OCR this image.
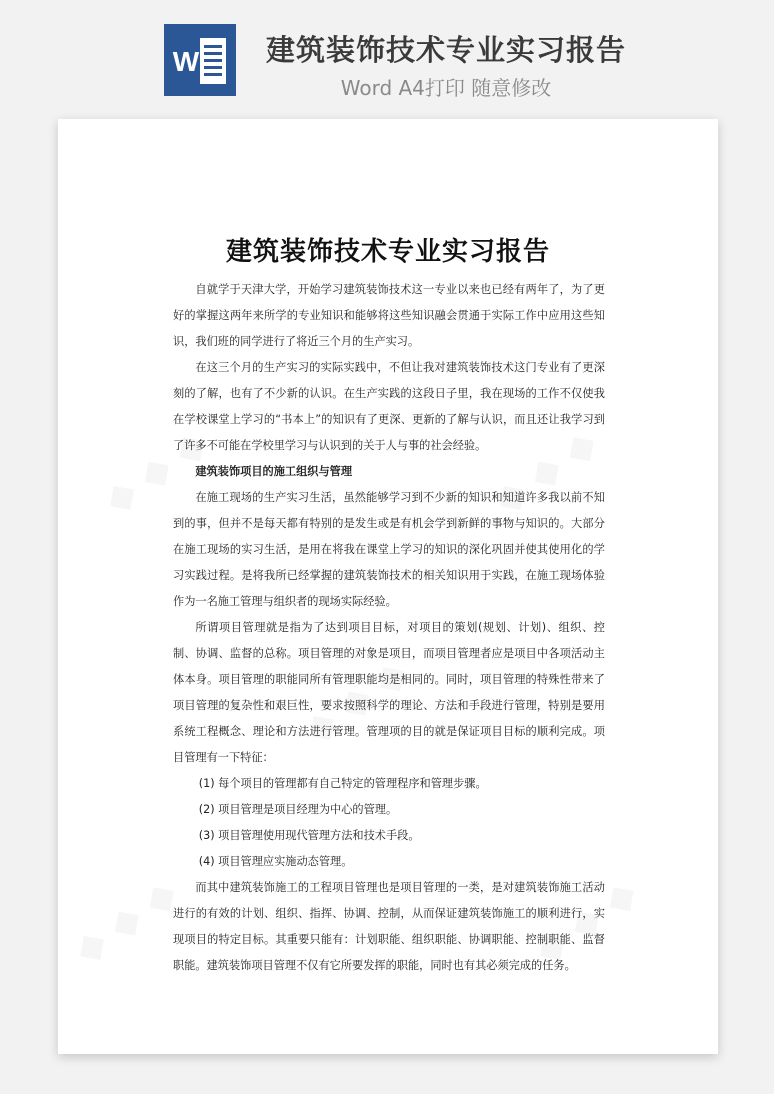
W	建筑装饰技术专业实习报告
Word A4打印 随意修改
建筑装饰技术专业实习报告

自就学于天津大学，开始学习建筑装饰技术这一专业以来也已经有两年了，为了更好的掌握这两年来所学的专业知识和能够将这些知识融会贯通于实际工作中应用这些知识，我们班的同学进行了将近三个月的生产实习。

在这三个月的生产实习的实际实践中，不但让我对建筑装饰技术这门专业有了更深刻的了解，也有了不少新的认识。在生产实践的这段日子里，我在现场的工作不仅使我在学校课堂上学习的“书本上”的知识有了更深、更新的了解与认识，而且还让我学习到了许多不可能在学校里学习与认识到的关于人与事的社会经验。

建筑装饰项目的施工组织与管理

在施工现场的生产实习生活，虽然能够学习到不少新的知识和知道许多我以前不知到的事，但并不是每天都有特别的是发生或是有机会学到新鲜的事物与知识的。大部分在施工现场的实习生活，是用在将我在课堂上学习的知识的深化巩固并使其使用化的学习实践过程。是将我所已经掌握的建筑装饰技术的相关知识用于实践，在施工现场体验作为一名施工管理与组织者的现场实际经验。

所谓项目管理就是指为了达到项目目标，对项目的策划(规划、计划)、组织、控制、协调、监督的总称。项目管理的对象是项目，而项目管理者应是项目中各项活动主体本身。项目管理的职能同所有管理职能均是相同的。同时，项目管理的特殊性带来了项目管理的复杂性和艰巨性，要求按照科学的理论、方法和手段进行管理，特别是要用系统工程概念、理论和方法进行管理。管理项的目的就是保证项目目标的顺利完成。项目管理有一下特征：

(1) 每个项目的管理都有自己特定的管理程序和管理步骤。

(2) 项目管理是项目经理为中心的管理。

(3) 项目管理使用现代管理方法和技术手段。

(4) 项目管理应实施动态管理。

而其中建筑装饰施工的工程项目管理也是项目管理的一类，是对建筑装饰施工活动进行的有效的计划、组织、指挥、协调、控制，从而保证建筑装饰施工的顺利进行，实现项目的特定目标。其重要只能有：计划职能、组织职能、协调职能、控制职能、监督职能。建筑装饰项目管理不仅有它所要发挥的职能，同时也有其必须完成的任务。
